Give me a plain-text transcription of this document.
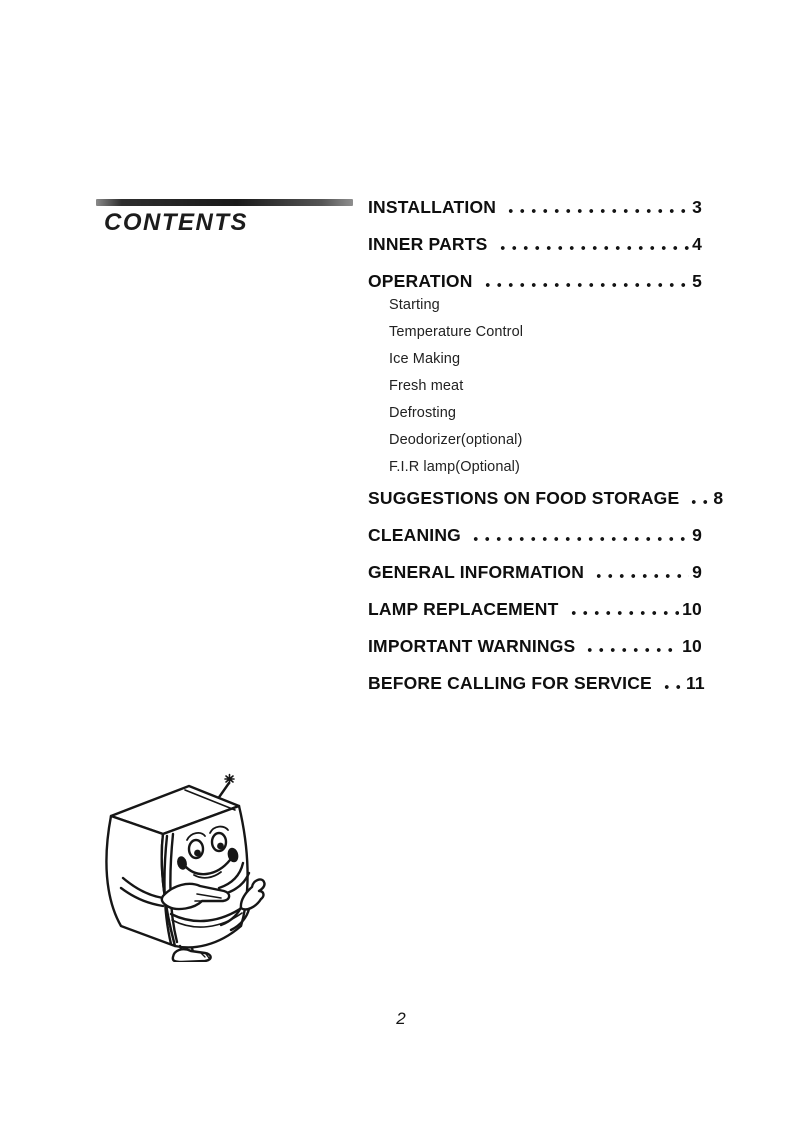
CONTENTS
INSTALLATION	3
INNER PARTS	4
OPERATION	5
Starting
Temperature Control
Ice Making
Fresh meat
Defrosting
Deodorizer(optional)
F.I.R lamp(Optional)
SUGGESTIONS ON FOOD STORAGE 8
CLEANING	9
GENERAL INFORMATION	9
LAMP REPLACEMENT	10
IMPORTANT WARNINGS	10
BEFORE CALLING FOR SERVICE 11
2
